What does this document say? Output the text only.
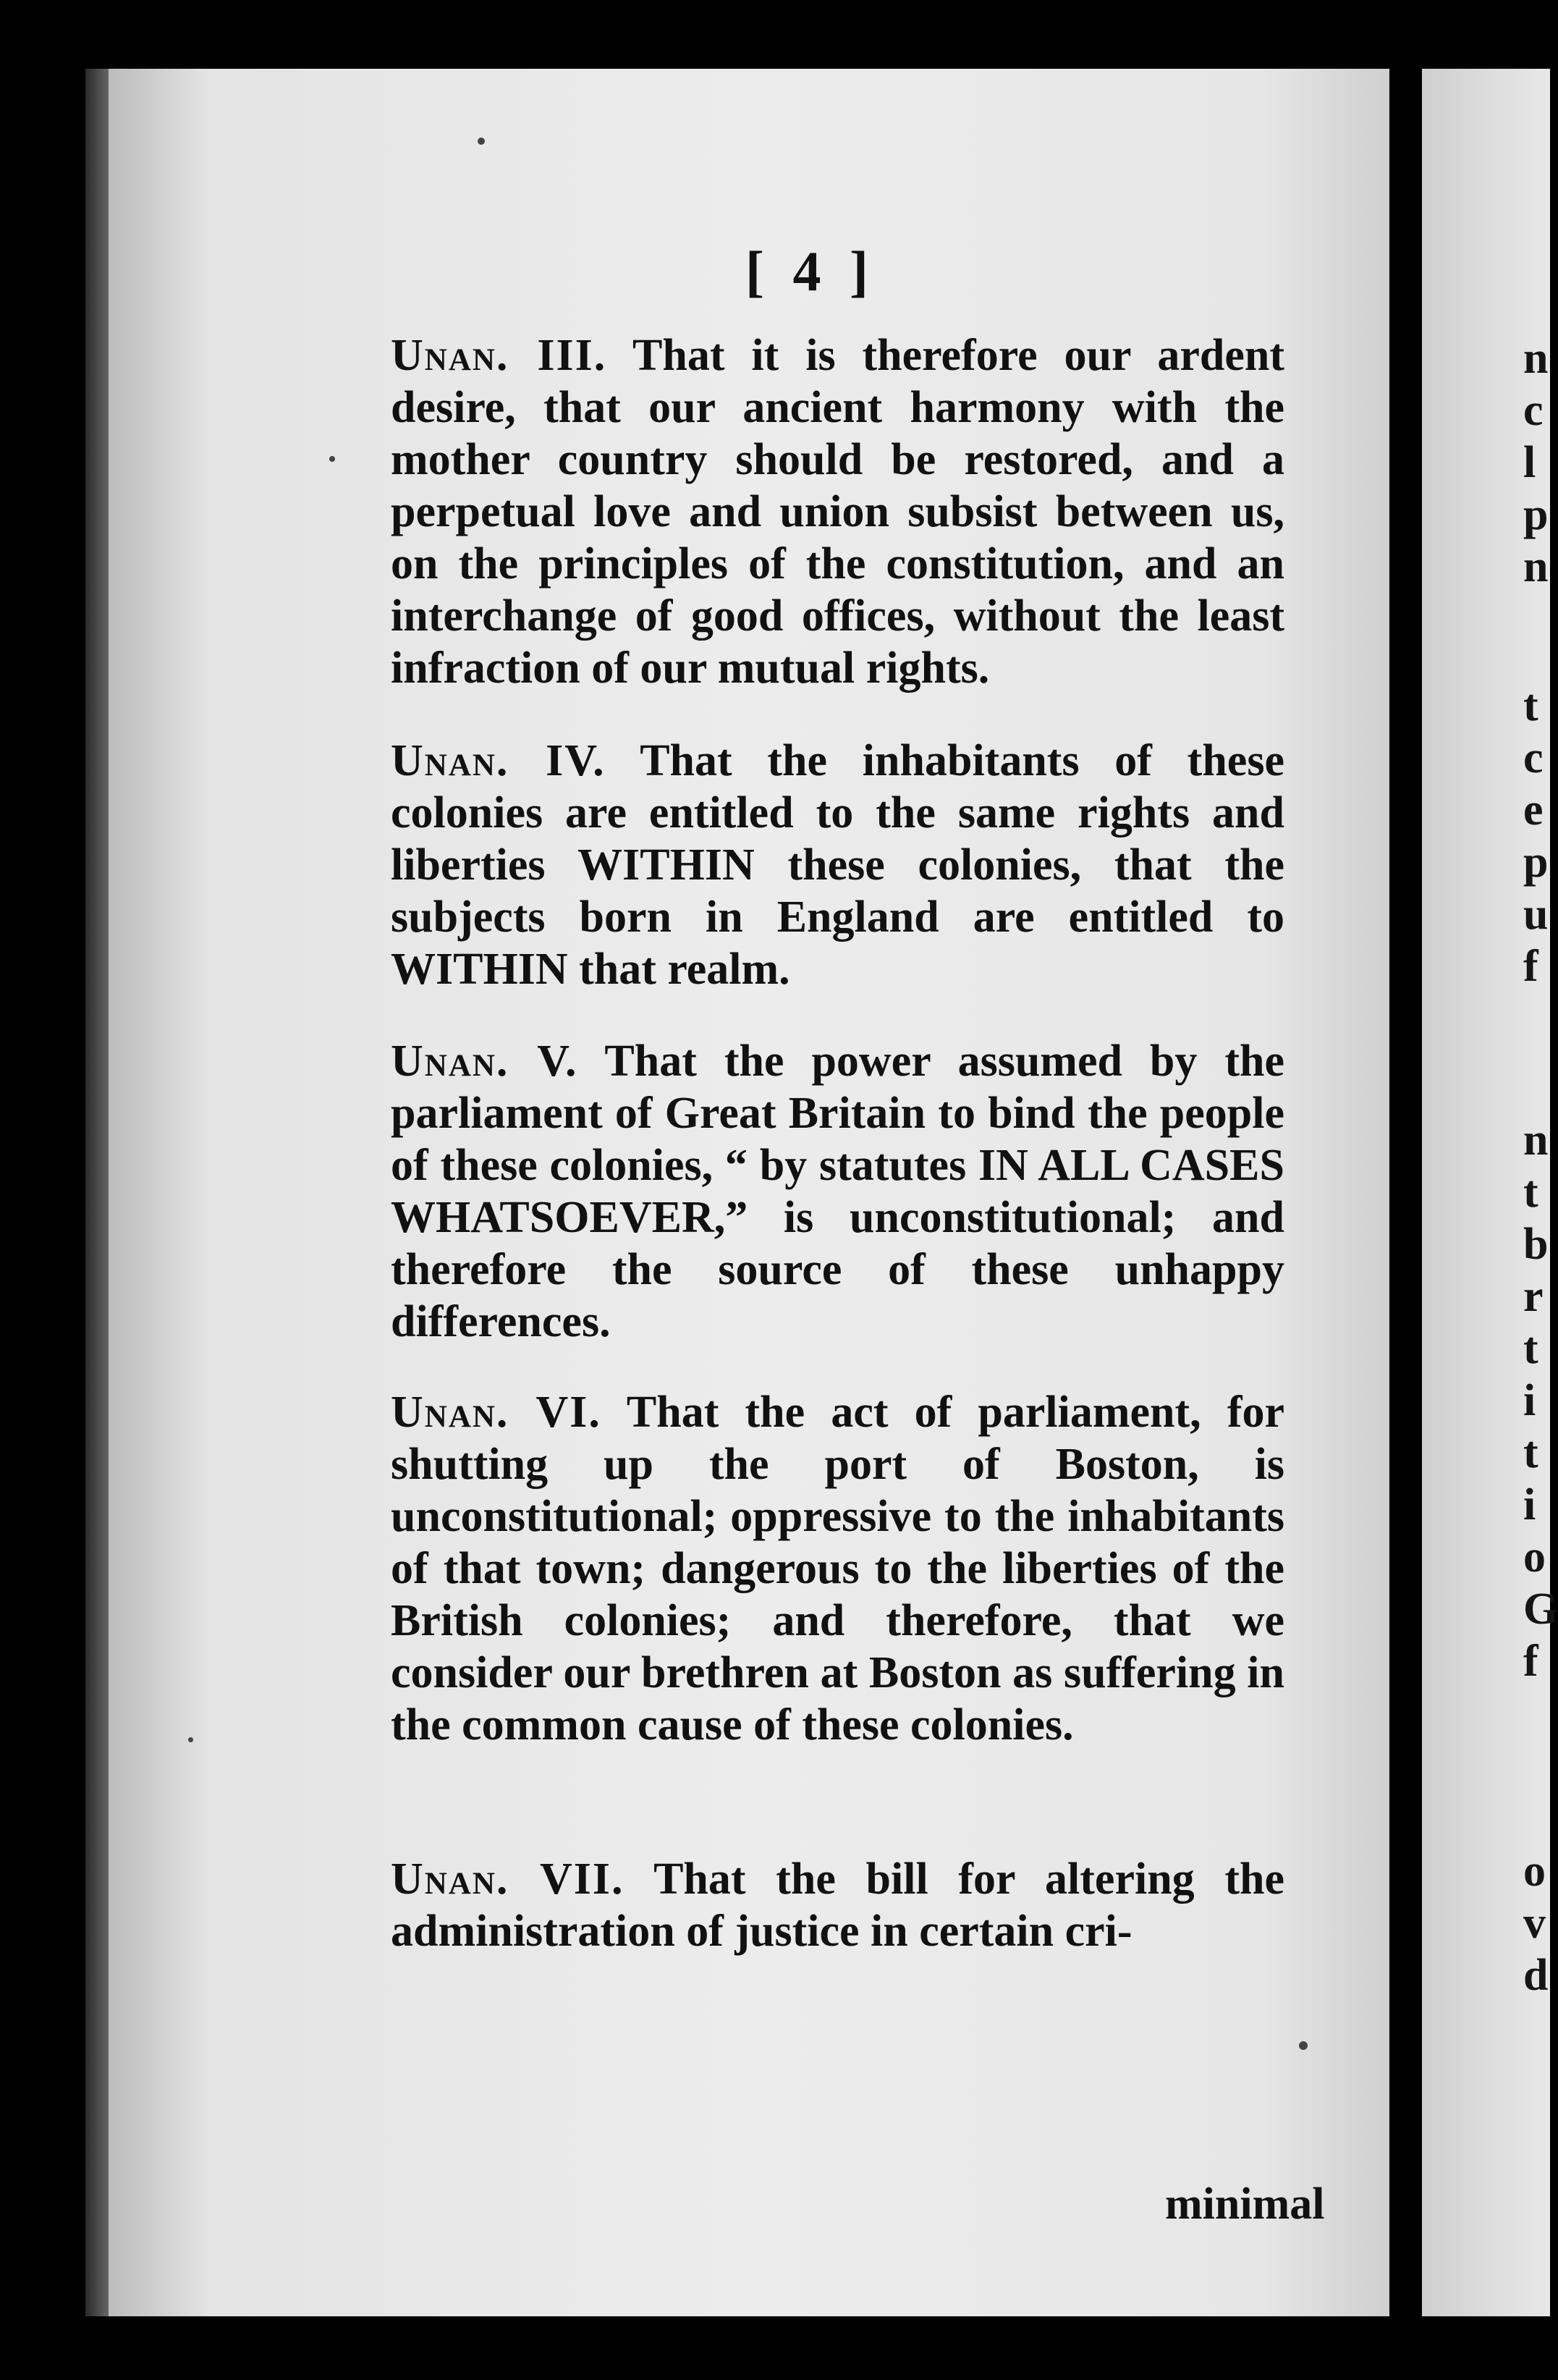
n
c
l
p
n
t
c
e
p
u
f
n
t
b
r
t
i
t
i
o
G
f
o
v
d
[ 4 ]

Unan. III. That it is therefore our ardent desire, that our ancient harmony with the mother country should be restored, and a perpetual love and union subsist between us, on the principles of the constitution, and an interchange of good offices, without the least infraction of our mutual rights.

Unan. IV. That the inhabitants of these colonies are entitled to the same rights and liberties WITHIN these colonies, that the subjects born in England are entitled to WITHIN that realm.

Unan. V. That the power assumed by the parliament of Great Britain to bind the people of these colonies, “ by statutes IN ALL CASES WHATSOEVER,” is unconstitutional; and therefore the source of these unhappy differences.

Unan. VI. That the act of parliament, for shutting up the port of Boston, is unconstitutional; oppressive to the inhabitants of that town; dangerous to the liberties of the British colonies; and therefore, that we consider our brethren at Boston as suffering in the common cause of these colonies.

Unan. VII. That the bill for altering the administration of justice in certain cri-

minimal
